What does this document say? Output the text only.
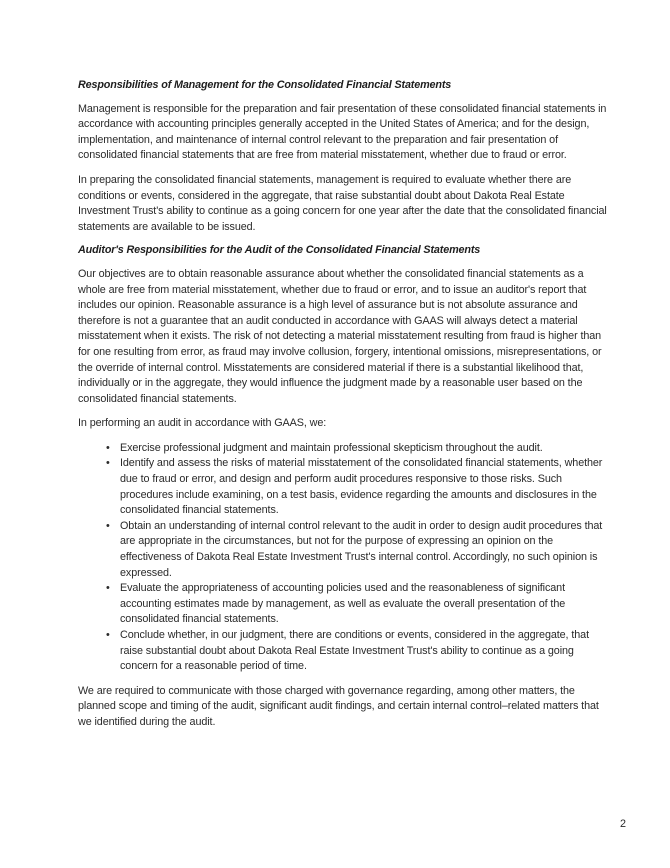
Responsibilities of Management for the Consolidated Financial Statements

Management is responsible for the preparation and fair presentation of these consolidated financial statements in accordance with accounting principles generally accepted in the United States of America; and for the design, implementation, and maintenance of internal control relevant to the preparation and fair presentation of consolidated financial statements that are free from material misstatement, whether due to fraud or error.

In preparing the consolidated financial statements, management is required to evaluate whether there are conditions or events, considered in the aggregate, that raise substantial doubt about Dakota Real Estate Investment Trust's ability to continue as a going concern for one year after the date that the consolidated financial statements are available to be issued.

Auditor's Responsibilities for the Audit of the Consolidated Financial Statements

Our objectives are to obtain reasonable assurance about whether the consolidated financial statements as a whole are free from material misstatement, whether due to fraud or error, and to issue an auditor's report that includes our opinion. Reasonable assurance is a high level of assurance but is not absolute assurance and therefore is not a guarantee that an audit conducted in accordance with GAAS will always detect a material misstatement when it exists. The risk of not detecting a material misstatement resulting from fraud is higher than for one resulting from error, as fraud may involve collusion, forgery, intentional omissions, misrepresentations, or the override of internal control. Misstatements are considered material if there is a substantial likelihood that, individually or in the aggregate, they would influence the judgment made by a reasonable user based on the consolidated financial statements.

In performing an audit in accordance with GAAS, we:

• Exercise professional judgment and maintain professional skepticism throughout the audit.
• Identify and assess the risks of material misstatement of the consolidated financial statements, whether due to fraud or error, and design and perform audit procedures responsive to those risks. Such procedures include examining, on a test basis, evidence regarding the amounts and disclosures in the consolidated financial statements.
• Obtain an understanding of internal control relevant to the audit in order to design audit procedures that are appropriate in the circumstances, but not for the purpose of expressing an opinion on the effectiveness of Dakota Real Estate Investment Trust's internal control. Accordingly, no such opinion is expressed.
• Evaluate the appropriateness of accounting policies used and the reasonableness of significant accounting estimates made by management, as well as evaluate the overall presentation of the consolidated financial statements.
• Conclude whether, in our judgment, there are conditions or events, considered in the aggregate, that raise substantial doubt about Dakota Real Estate Investment Trust's ability to continue as a going concern for a reasonable period of time.

We are required to communicate with those charged with governance regarding, among other matters, the planned scope and timing of the audit, significant audit findings, and certain internal control–related matters that we identified during the audit.

2
